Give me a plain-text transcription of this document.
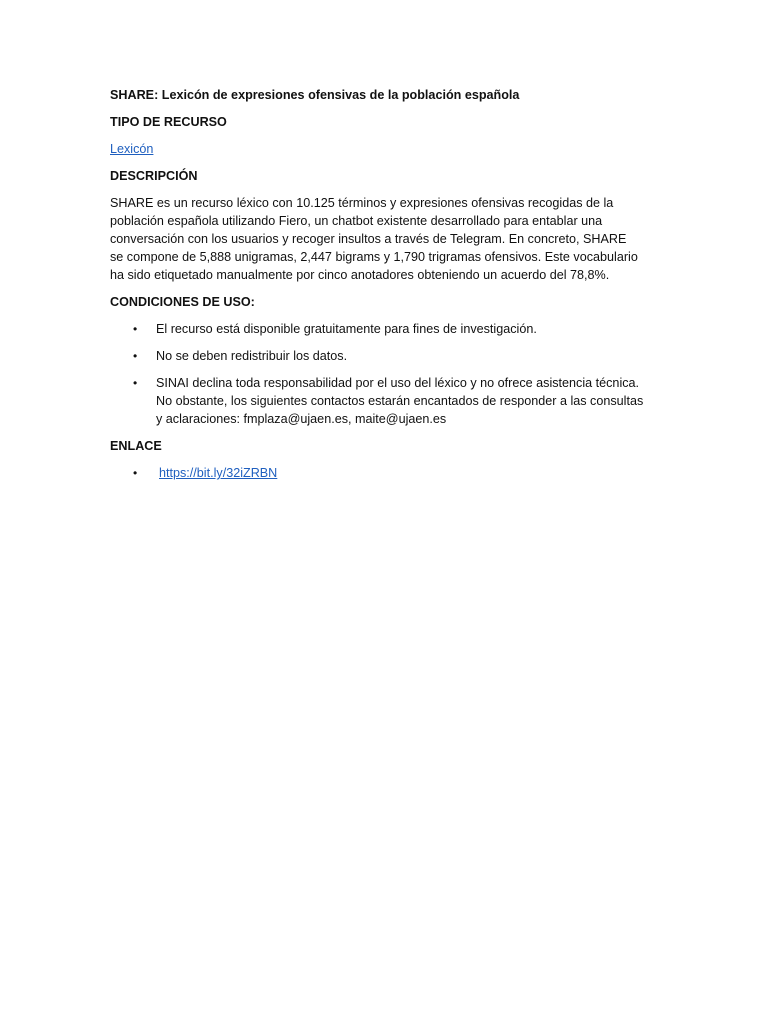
SHARE: Lexicón de expresiones ofensivas de la población española
TIPO DE RECURSO
Lexicón
DESCRIPCIÓN
SHARE es un recurso léxico con 10.125 términos y expresiones ofensivas recogidas de la
población española utilizando Fiero, un chatbot existente desarrollado para entablar una
conversación con los usuarios y recoger insultos a través de Telegram. En concreto, SHARE
se compone de 5,888 unigramas, 2,447 bigrams y 1,790 trigramas ofensivos. Este vocabulario
ha sido etiquetado manualmente por cinco anotadores obteniendo un acuerdo del 78,8%.
CONDICIONES DE USO:
• El recurso está disponible gratuitamente para fines de investigación.
• No se deben redistribuir los datos.
• SINAI declina toda responsabilidad por el uso del léxico y no ofrece asistencia técnica.
No obstante, los siguientes contactos estarán encantados de responder a las consultas
y aclaraciones: fmplaza@ujaen.es, maite@ujaen.es
ENLACE
• https://bit.ly/32iZRBN
